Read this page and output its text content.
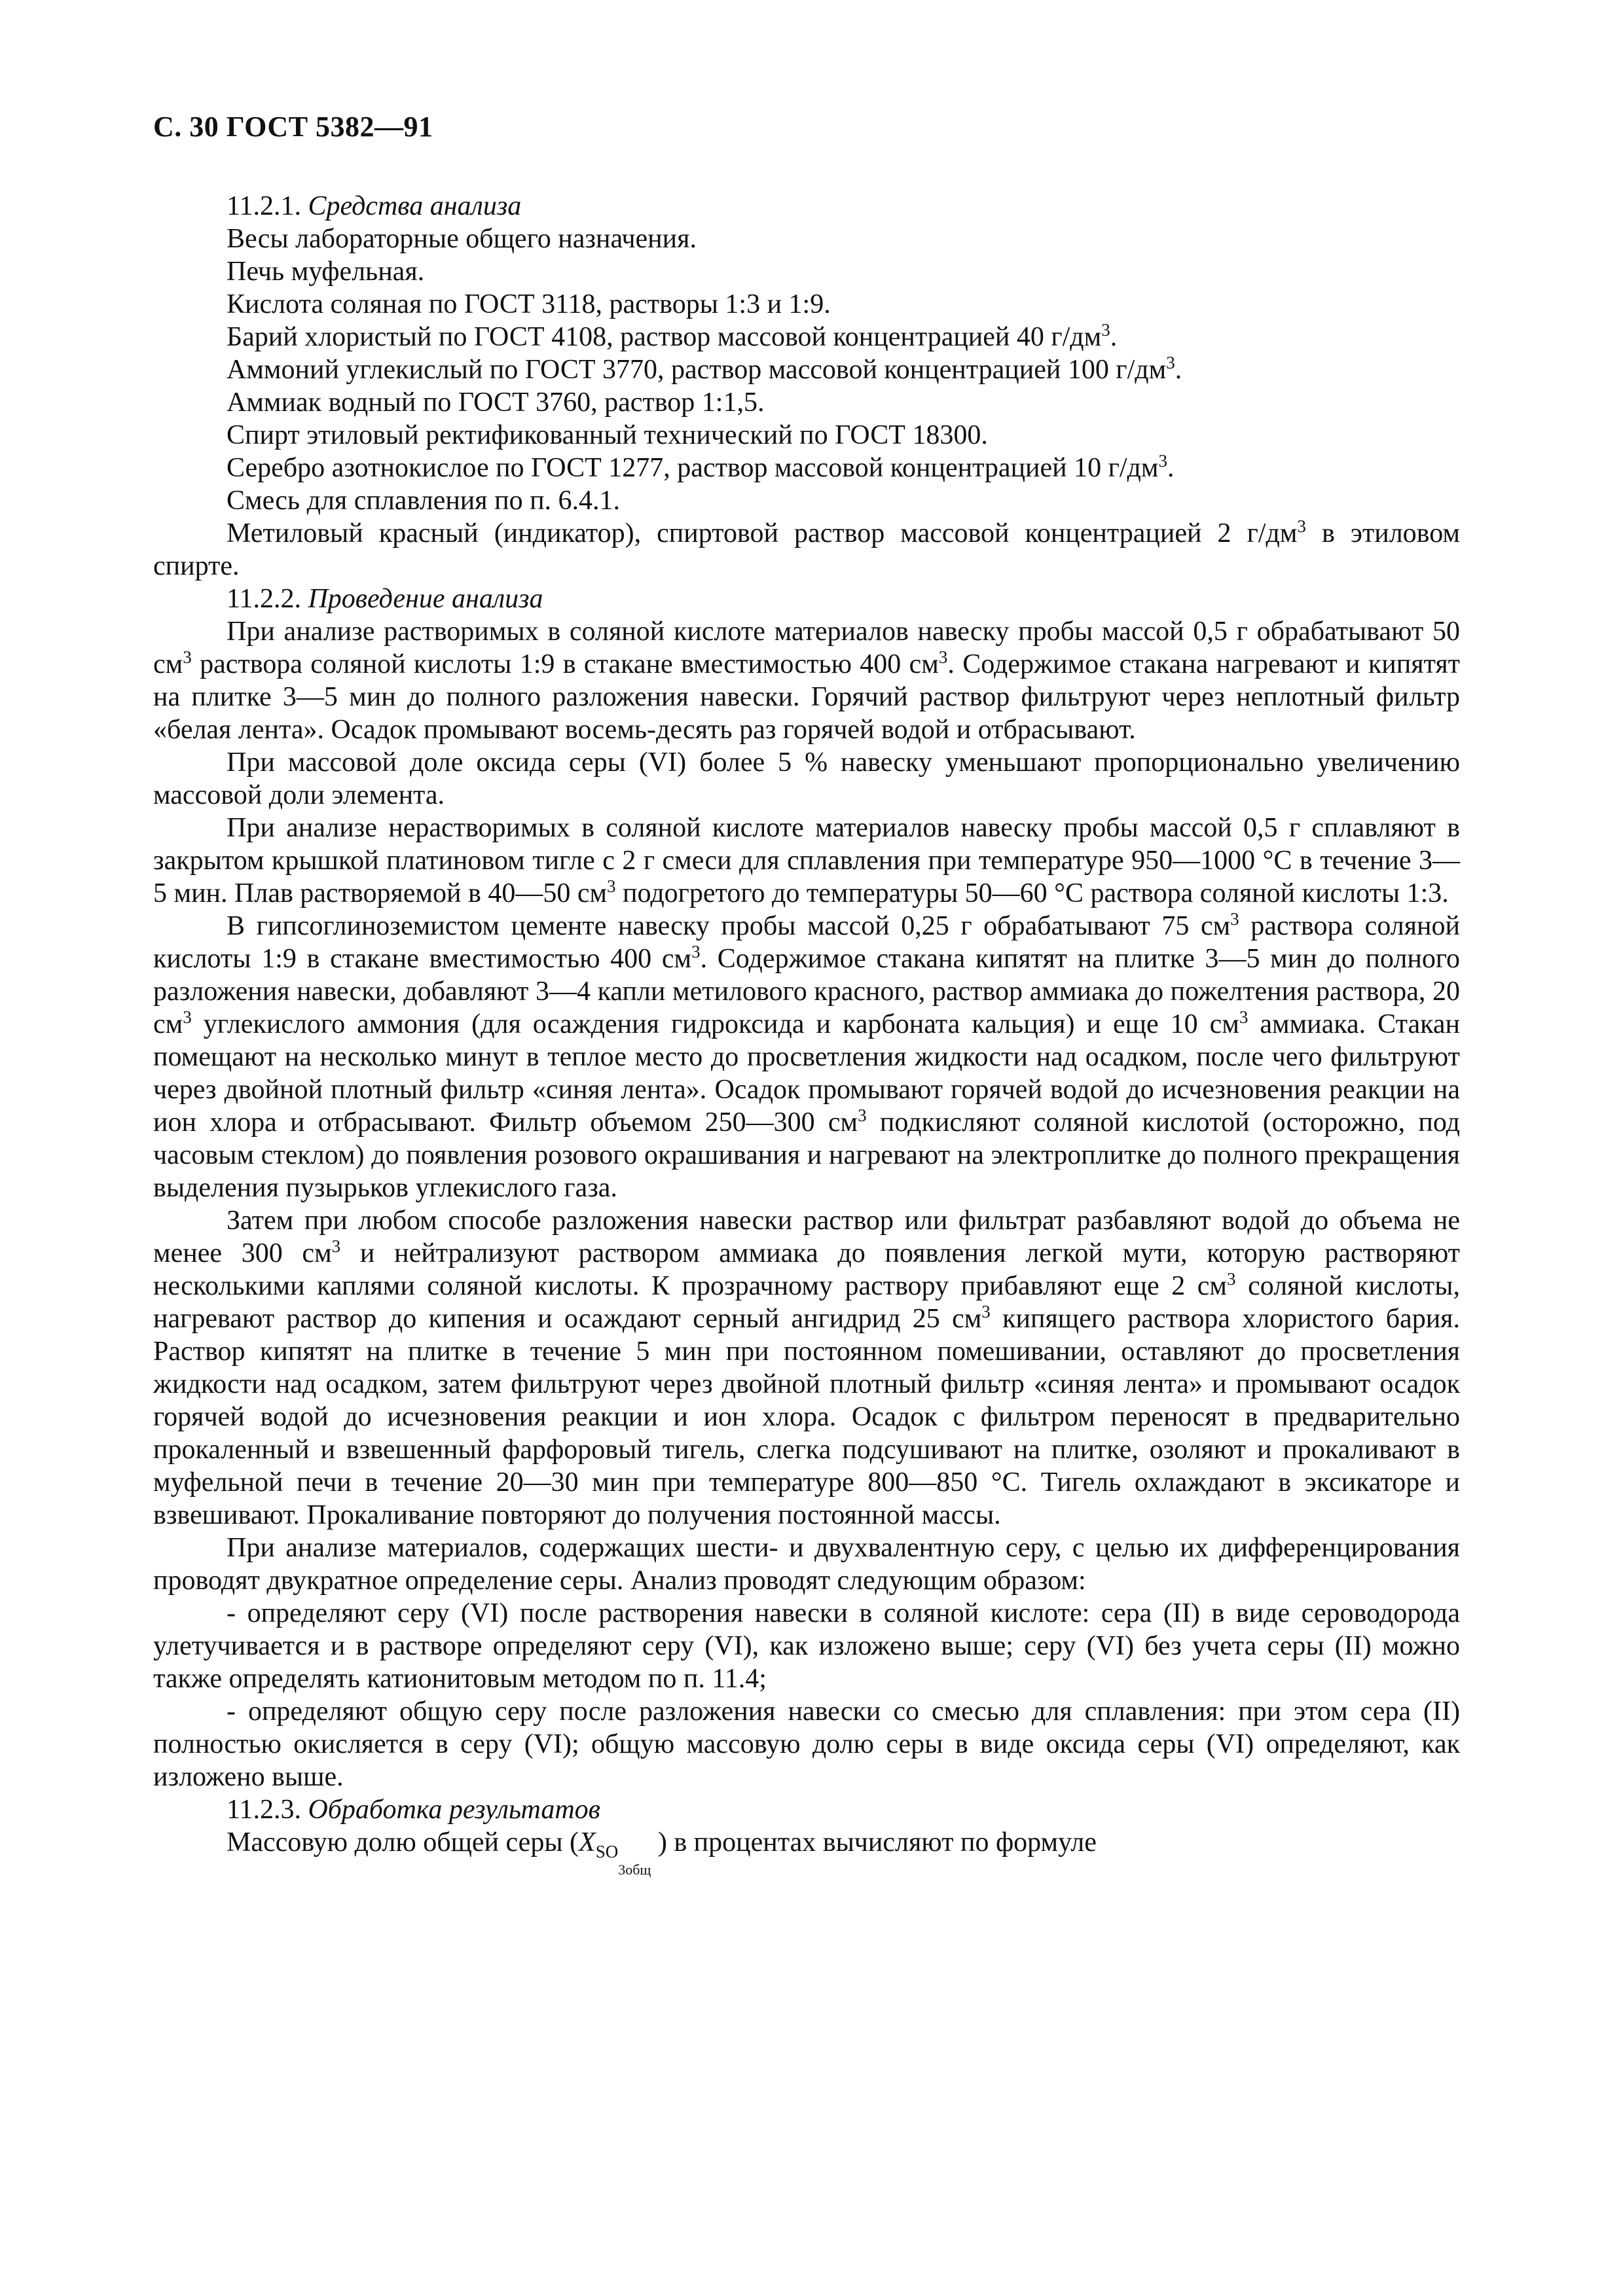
С. 30 ГОСТ 5382—91

11.2.1. Средства анализа

Весы лабораторные общего назначения.

Печь муфельная.

Кислота соляная по ГОСТ 3118, растворы 1:3 и 1:9.

Барий хлористый по ГОСТ 4108, раствор массовой концентрацией 40 $г/дм^3$.

Аммоний углекислый по ГОСТ 3770, раствор массовой концентрацией 100 $г/дм^3$.

Аммиак водный по ГОСТ 3760, раствор 1:1,5.

Спирт этиловый ректификованный технический по ГОСТ 18300.

Серебро азотнокислое по ГОСТ 1277, раствор массовой концентрацией 10 $г/дм^3$.

Смесь для сплавления по п. 6.4.1.

Метиловый красный (индикатор), спиртовой раствор массовой концентрацией 2 $г/дм^3$ в этиловом спирте.

11.2.2. Проведение анализа

При анализе растворимых в соляной кислоте материалов навеску пробы массой 0,5 г обрабатывают 50 $см^3$ раствора соляной кислоты 1:9 в стакане вместимостью 400 $см^3$. Содержимое стакана нагревают и кипятят на плитке 3—5 мин до полного разложения навески. Горячий раствор фильтруют через неплотный фильтр «белая лента». Осадок промывают восемь-десять раз горячей водой и отбрасывают.

При массовой доле оксида серы (VI) более 5 % навеску уменьшают пропорционально увеличению массовой доли элемента.

При анализе нерастворимых в соляной кислоте материалов навеску пробы массой 0,5 г сплавляют в закрытом крышкой платиновом тигле с 2 г смеси для сплавления при температуре 950—1000 °С в течение 3—5 мин. Плав растворяемой в 40—50 $см^3$ подогретого до температуры 50—60 °С раствора соляной кислоты 1:3.

В гипсоглиноземистом цементе навеску пробы массой 0,25 г обрабатывают 75 $см^3$ раствора соляной кислоты 1:9 в стакане вместимостью 400 $см^3$. Содержимое стакана кипятят на плитке 3—5 мин до полного разложения навески, добавляют 3—4 капли метилового красного, раствор аммиака до пожелтения раствора, 20 $см^3$ углекислого аммония (для осаждения гидроксида и карбоната кальция) и еще 10 $см^3$ аммиака. Стакан помещают на несколько минут в теплое место до просветления жидкости над осадком, после чего фильтруют через двойной плотный фильтр «синяя лента». Осадок промывают горячей водой до исчезновения реакции на ион хлора и отбрасывают. Фильтр объемом 250—300 $см^3$ подкисляют соляной кислотой (осторожно, под часовым стеклом) до появления розового окрашивания и нагревают на электроплитке до полного прекращения выделения пузырьков углекислого газа.

Затем при любом способе разложения навески раствор или фильтрат разбавляют водой до объема не менее 300 $см^3$ и нейтрализуют раствором аммиака до появления легкой мути, которую растворяют несколькими каплями соляной кислоты. К прозрачному раствору прибавляют еще 2 $см^3$ соляной кислоты, нагревают раствор до кипения и осаждают серный ангидрид 25 $см^3$ кипящего раствора хлористого бария. Раствор кипятят на плитке в течение 5 мин при постоянном помешивании, оставляют до просветления жидкости над осадком, затем фильтруют через двойной плотный фильтр «синяя лента» и промывают осадок горячей водой до исчезновения реакции и ион хлора. Осадок с фильтром переносят в предварительно прокаленный и взвешенный фарфоровый тигель, слегка подсушивают на плитке, озоляют и прокаливают в муфельной печи в течение 20—30 мин при температуре 800—850 °С. Тигель охлаждают в эксикаторе и взвешивают. Прокаливание повторяют до получения постоянной массы.

При анализе материалов, содержащих шести- и двухвалентную серу, с целью их дифференцирования проводят двукратное определение серы. Анализ проводят следующим образом:

- определяют серу (VI) после растворения навески в соляной кислоте: сера (II) в виде сероводорода улетучивается и в растворе определяют серу (VI), как изложено выше; серу (VI) без учета серы (II) можно также определять катионитовым методом по п. 11.4;

- определяют общую серу после разложения навески со смесью для сплавления: при этом сера (II) полностью окисляется в серу (VI); общую массовую долю серы в виде оксида серы (VI) определяют, как изложено выше.

11.2.3. Обработка результатов

Массовую долю общей серы ($X_{SO_{3общ}}$ ) в процентах вычисляют по формуле
